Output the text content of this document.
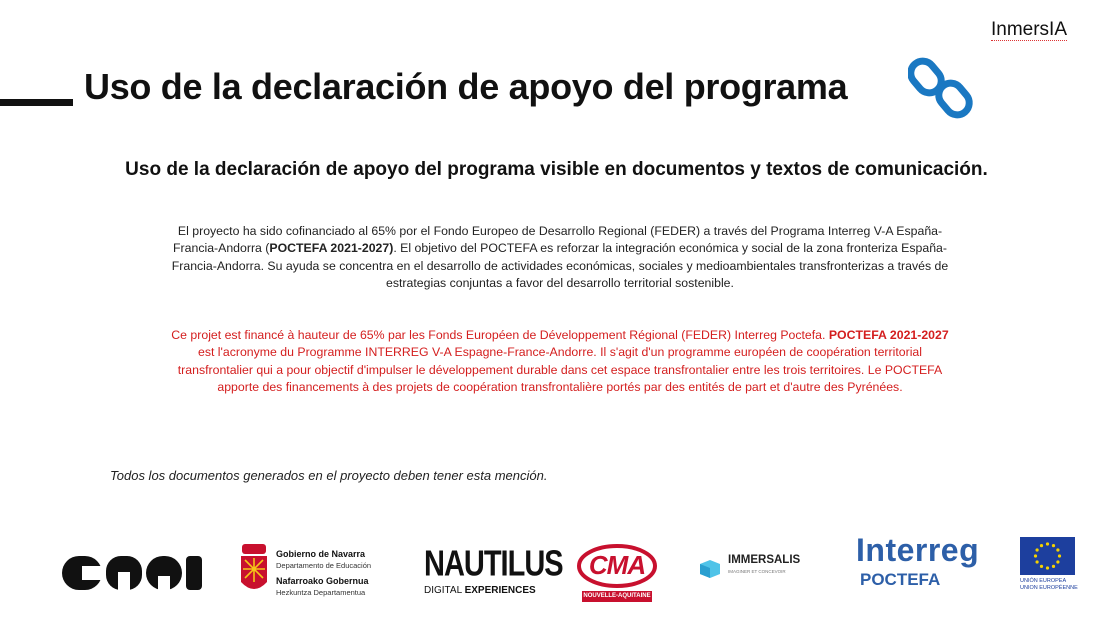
InmersIA
Uso de la declaración de apoyo del programa
Uso de la declaración de apoyo del programa visible en documentos y textos de comunicación.

El proyecto ha sido cofinanciado al 65% por el Fondo Europeo de Desarrollo Regional (FEDER) a través del Programa Interreg V-A España-Francia-Andorra (POCTEFA 2021-2027). El objetivo del POCTEFA es reforzar la integración económica y social de la zona fronteriza España-Francia-Andorra. Su ayuda se concentra en el desarrollo de actividades económicas, sociales y medioambientales transfronterizas a través de estrategias conjuntas a favor del desarrollo territorial sostenible.

Ce projet est financé à hauteur de 65% par les Fonds Européen de Développement Régional (FEDER) Interreg Poctefa. POCTEFA 2021-2027 est l'acronyme du Programme INTERREG V-A Espagne-France-Andorre. Il s'agit d'un programme européen de coopération territorial transfrontalier qui a pour objectif d'impulser le développement durable dans cet espace transfrontalier entre les trois territoires. Le POCTEFA apporte des financements à des projets de coopération transfrontalière portés par des entités de part et d'autre des Pyrénées.

Todos los documentos generados en el proyecto deben tener esta mención.
cnai	Gobierno de Navarra
Departamento de Educación
Nafarroako Gobernua
Hezkuntza Departamentua
NAUTILUS
DIGITAL EXPERIENCES
CMA
NOUVELLE-AQUITAINE
IMMERSALIS
IMAGINER ET CONCEVOIR
Interreg
POCTEFA	UNIÓN EUROPEA
UNION EUROPÉENNE
